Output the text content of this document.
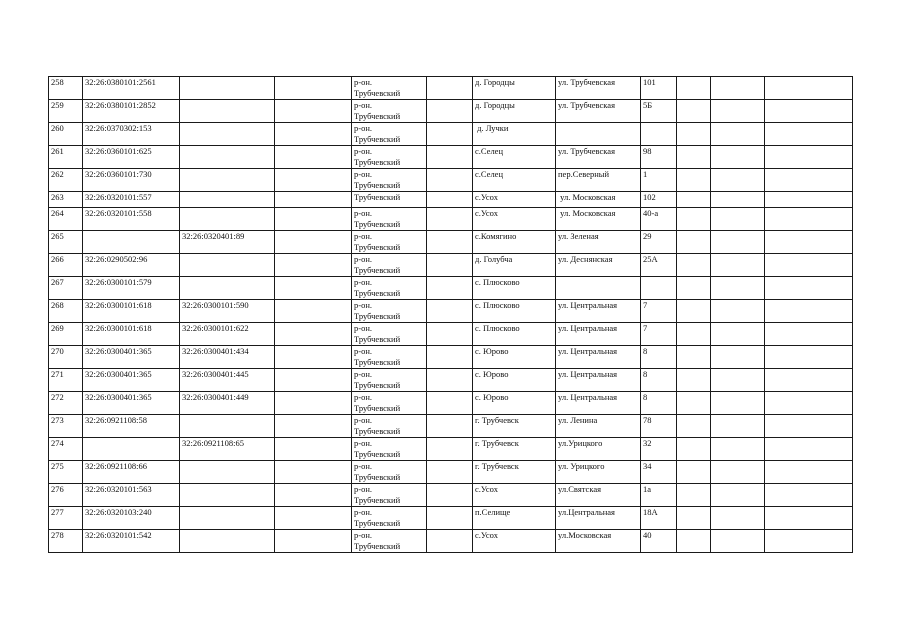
258	32:26:0380101:2561			р-он.
Трубчевский		д. Городцы	ул. Трубчевская	101			
259	32:26:0380101:2852			р-он.
Трубчевский		д. Городцы	ул. Трубчевская	5Б			
260	32:26:0370302:153			р-он.
Трубчевский		д. Лучки					
261	32:26:0360101:625			р-он.
Трубчевский		с.Селец	ул. Трубчевская	98			
262	32:26:0360101:730			р-он.
Трубчевский		с.Селец	пер.Северный	1			
263	32:26:0320101:557			Трубчевский		с.Усох	ул. Московская	102			
264	32:26:0320101:558			р-он.
Трубчевский		с.Усох	ул. Московская	40-а			
265		32:26:0320401:89		р-он.
Трубчевский		с.Комягино	ул. Зеленая	29			
266	32:26:0290502:96			р-он.
Трубчевский		д. Голубча	ул. Деснянская	25А			
267	32:26:0300101:579			р-он.
Трубчевский		с. Плюсково					
268	32:26:0300101:618	32:26:0300101:590		р-он.
Трубчевский		с. Плюсково	ул. Центральная	7			
269	32:26:0300101:618	32:26:0300101:622		р-он.
Трубчевский		с. Плюсково	ул. Центральная	7			
270	32:26:0300401:365	32:26:0300401:434		р-он.
Трубчевский		с. Юрово	ул. Центральная	8			
271	32:26:0300401:365	32:26:0300401:445		р-он.
Трубчевский		с. Юрово	ул. Центральная	8			
272	32:26:0300401:365	32:26:0300401:449		р-он.
Трубчевский		с. Юрово	ул. Центральная	8			
273	32:26:0921108:58			р-он.
Трубчевский		г. Трубчевск	ул. Ленина	78			
274		32:26:0921108:65		р-он.
Трубчевский		г. Трубчевск	ул.Урицкого	32			
275	32:26:0921108:66			р-он.
Трубчевский		г. Трубчевск	ул. Урицкого	34			
276	32:26:0320101:563			р-он.
Трубчевский		с.Усох	ул.Святская	1а			
277	32:26:0320103:240			р-он.
Трубчевский		п.Селище	ул.Центральная	18А			
278	32:26:0320101:542			р-он.
Трубчевский		с.Усох	ул.Московская	40			
